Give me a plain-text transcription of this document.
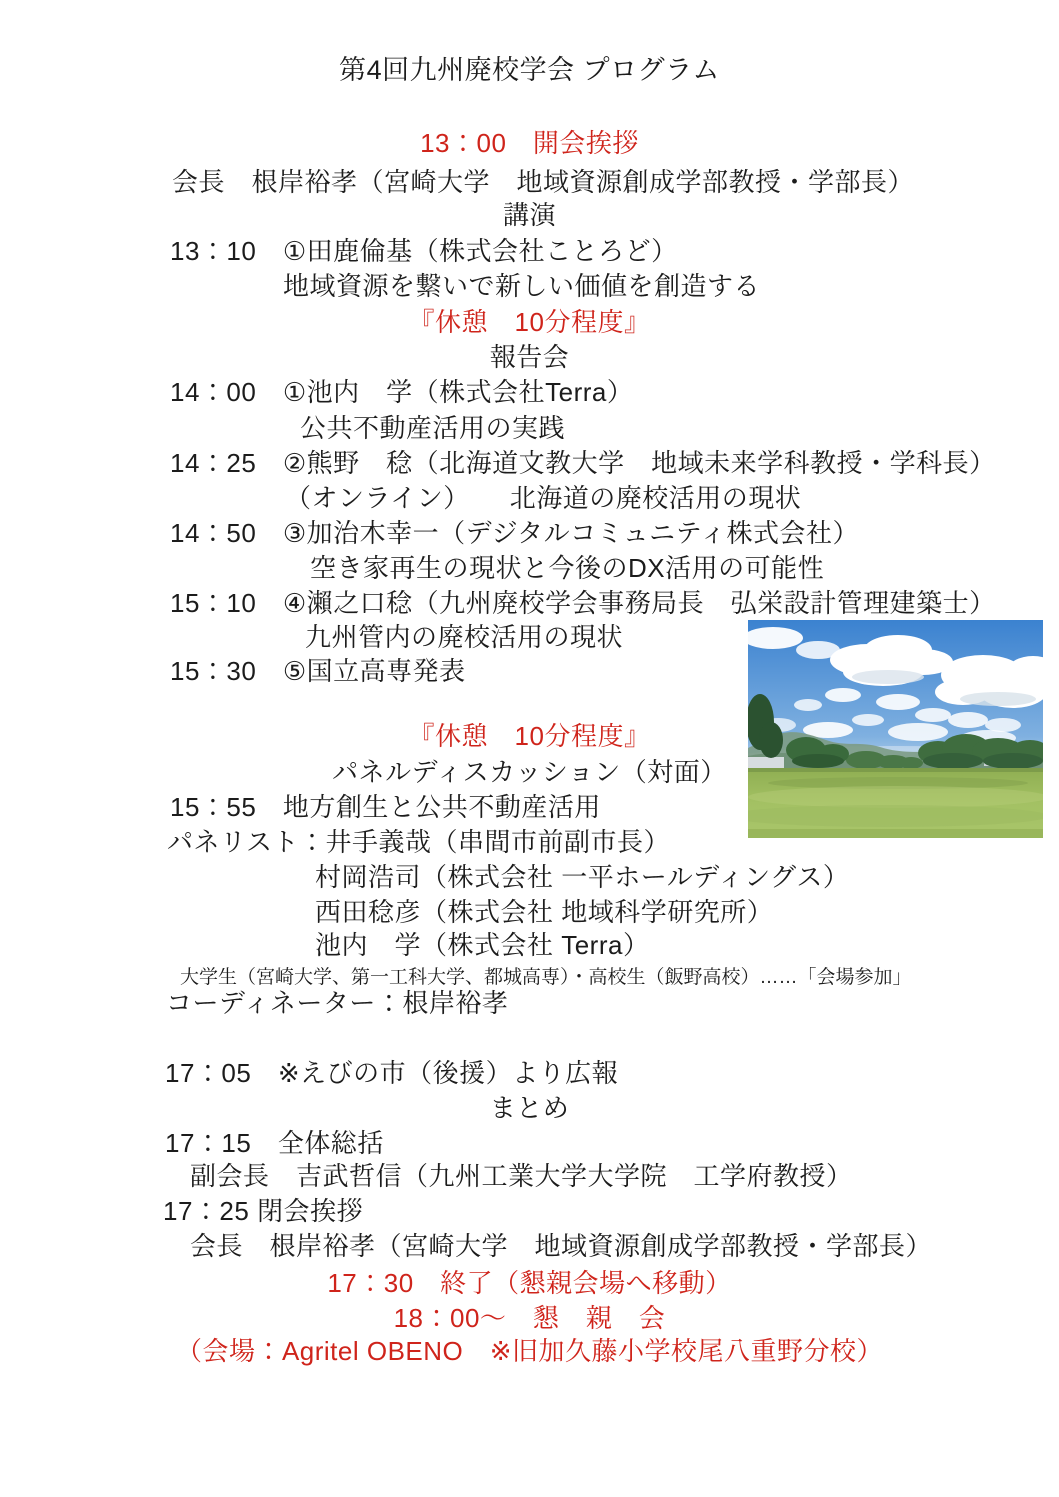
第4回九州廃校学会 プログラム
13：00　開会挨拶
会長　根岸裕孝（宮崎大学　地域資源創成学部教授・学部長）
講演
13：10　①田鹿倫基（株式会社ことろど）
地域資源を繋いで新しい価値を創造する
『休憩　10分程度』
報告会
14：00　①池内　学（株式会社Terra）
公共不動産活用の実践
14：25　②熊野　稔（北海道文教大学　地域未来学科教授・学科長）
（オンライン）　　北海道の廃校活用の現状
14：50　③加治木幸一（デジタルコミュニティ株式会社）
空き家再生の現状と今後のDX活用の可能性
15：10　④瀨之口稔（九州廃校学会事務局長　弘栄設計管理建築士）
九州管内の廃校活用の現状
15：30　⑤国立高専発表
『休憩　10分程度』
パネルディスカッション（対面）
15：55　地方創生と公共不動産活用
パネリスト：井手義哉（串間市前副市長）
村岡浩司（株式会社 一平ホールディングス）
西田稔彦（株式会社 地域科学研究所）
池内　学（株式会社 Terra）
大学生（宮崎大学、第一工科大学、都城高専）・高校生（飯野高校）……「会場参加」
コーディネーター：根岸裕孝
17：05　※えびの市（後援）より広報
まとめ
17：15　全体総括
副会長　吉武哲信（九州工業大学大学院　工学府教授）
17：25 閉会挨拶
会長　根岸裕孝（宮崎大学　地域資源創成学部教授・学部長）
17：30　終了（懇親会場へ移動）
18：00～　懇　親　会
（会場：Agritel OBENO　※旧加久藤小学校尾八重野分校）
